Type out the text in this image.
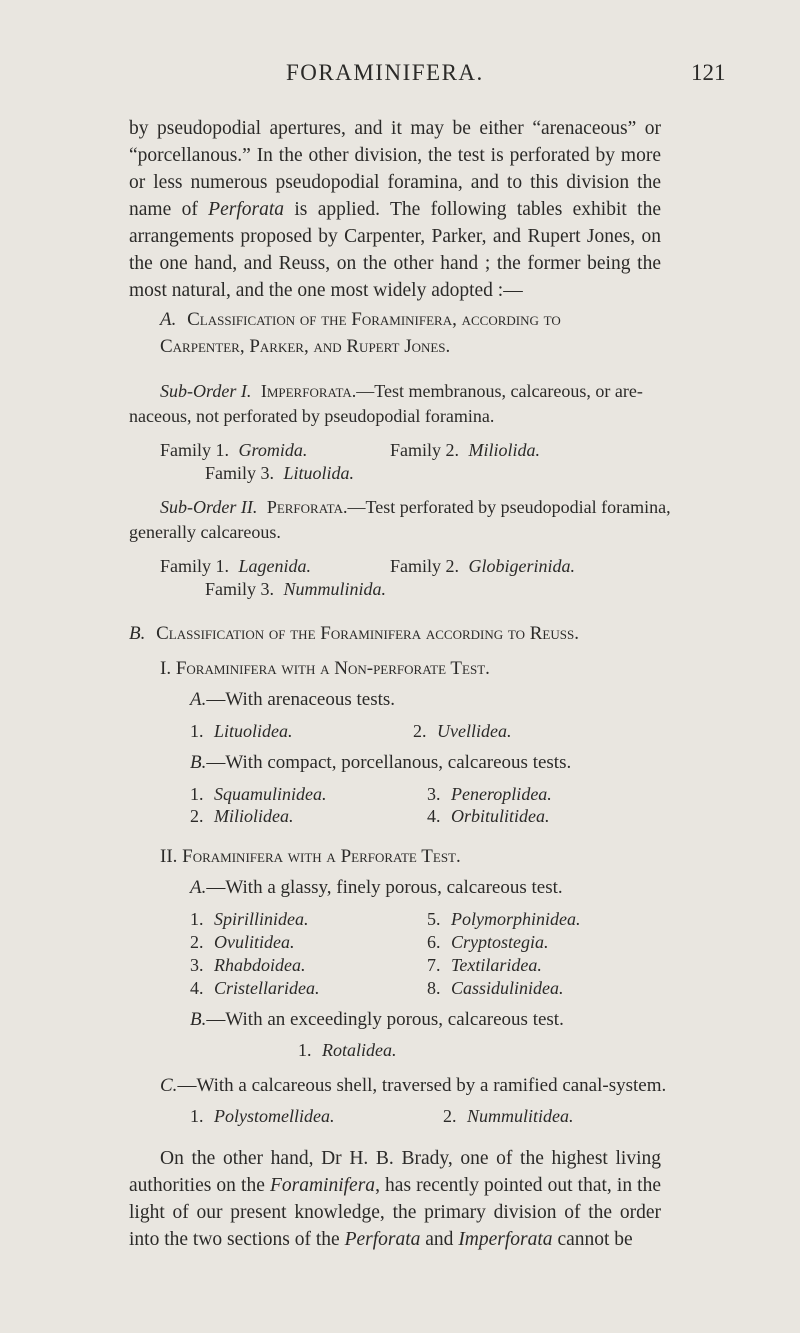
FORAMINIFERA.	121

by pseudopodial apertures, and it may be either “arenaceous” or “porcellanous.” In the other division, the test is perforated by more or less numerous pseudopodial foramina, and to this division the name of Perforata is applied. The following tables exhibit the arrangements proposed by Carpenter, Parker, and Rupert Jones, on the one hand, and Reuss, on the other hand ; the former being the most natural, and the one most widely adopted :—

A. Classification of the Foraminifera, according to
Carpenter, Parker, and Rupert Jones.
Sub-Order I. Imperforata.—Test membranous, calcareous, or are-
naceous, not perforated by pseudopodial foramina.
Family 1. Gromida.	Family 2. Miliolida.
Family 3. Lituolida.
Sub-Order II. Perforata.—Test perforated by pseudopodial foramina,
generally calcareous.
Family 1. Lagenida.	Family 2. Globigerinida.
Family 3. Nummulinida.
B. Classification of the Foraminifera according to Reuss.
I. Foraminifera with a Non-perforate Test.
A.—With arenaceous tests.
1. Lituolidea.	2. Uvellidea.
B.—With compact, porcellanous, calcareous tests.
1. Squamulinidea.	3. Peneroplidea.
2. Miliolidea.	4. Orbitulitidea.
II. Foraminifera with a Perforate Test.
A.—With a glassy, finely porous, calcareous test.
1. Spirillinidea.	5. Polymorphinidea.
2. Ovulitidea.	6. Cryptostegia.
3. Rhabdoidea.	7. Textilaridea.
4. Cristellaridea.	8. Cassidulinidea.
B.—With an exceedingly porous, calcareous test.
1. Rotalidea.
C.—With a calcareous shell, traversed by a ramified canal-system.
1. Polystomellidea.	2. Nummulitidea.

On the other hand, Dr H. B. Brady, one of the highest living authorities on the Foraminifera, has recently pointed out that, in the light of our present knowledge, the primary division of the order into the two sections of the Perforata and Imperforata cannot be
